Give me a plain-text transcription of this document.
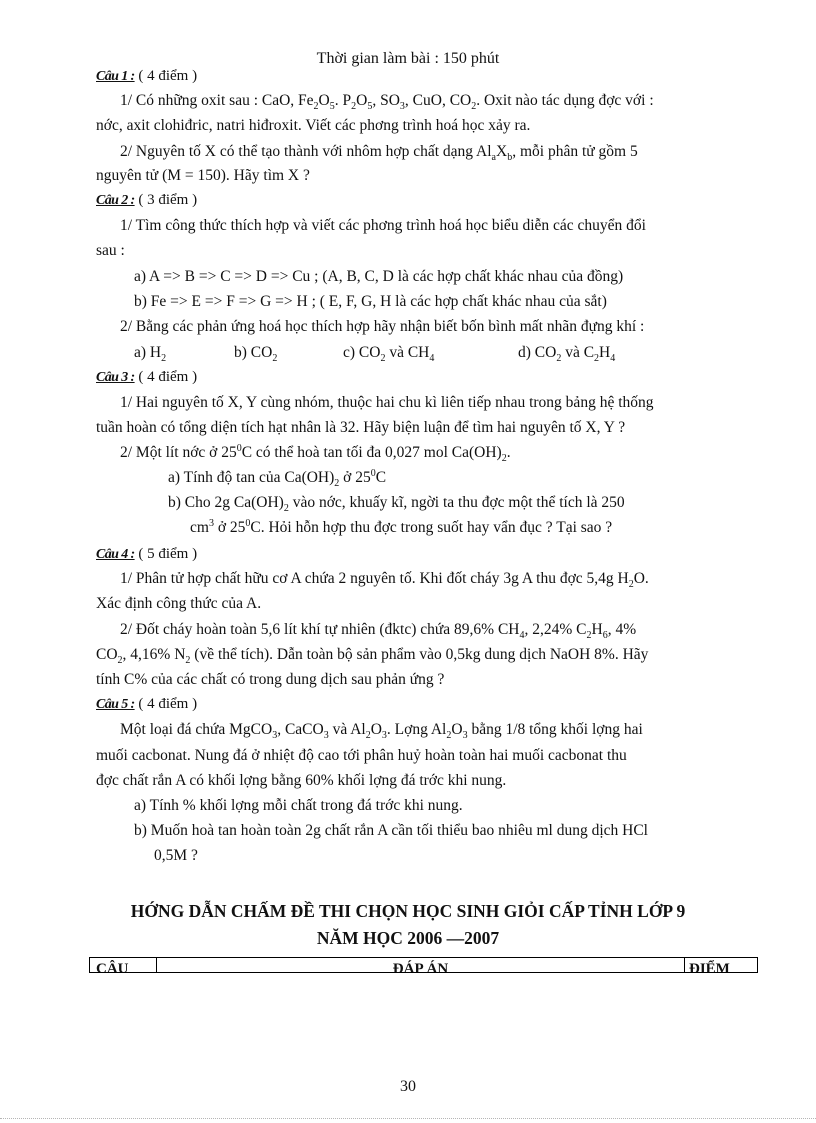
Thời gian làm bài : 150 phút
Câu 1 : ( 4 điểm )
1/ Có những oxit sau : CaO, $Fe_2O_5$. $P_2O_5$, $SO_3$, CuO, $CO_2$. Oxit nào tác dụng đợc với :
nớc, axit clohiđric, natri hiđroxit. Viết các phơng trình hoá học xảy ra.
2/ Nguyên tố X có thể tạo thành với nhôm hợp chất dạng $Al_aX_b$, mỗi phân tử gồm 5
nguyên tử (M = 150). Hãy tìm X ?
Câu 2 : ( 3 điểm )
1/ Tìm công thức thích hợp và viết các phơng trình hoá học biểu diễn các chuyển đổi
sau :
a) A => B => C => D => Cu ; (A, B, C, D là các hợp chất khác nhau của đồng)
b) Fe => E => F => G => H ; ( E, F, G, H là các hợp chất khác nhau của sắt)
2/ Bằng các phản ứng hoá học thích hợp hãy nhận biết bốn bình mất nhãn đựng khí :
a) $H_2$	b) $CO_2$	c) $CO_2$ và $CH_4$	d) $CO_2$ và $C_2H_4$
Câu 3 : ( 4 điểm )
1/ Hai nguyên tố X, Y cùng nhóm, thuộc hai chu kì liên tiếp nhau trong bảng hệ thống
tuần hoàn có tổng diện tích hạt nhân là 32. Hãy biện luận để tìm hai nguyên tố X, Y ?
2/ Một lít nớc ở $25^0C$ có thể hoà tan tối đa 0,027 mol $Ca(OH)_2$.
a) Tính độ tan của $Ca(OH)_2$ ở $25^0C$
b) Cho 2g $Ca(OH)_2$ vào nớc, khuấy kĩ, ngời ta thu đợc một thể tích là 250
$cm^3$ ở $25^0C$. Hỏi hỗn hợp thu đợc trong suốt hay vẩn đục ? Tại sao ?
Câu 4 : ( 5 điểm )
1/ Phân tử hợp chất hữu cơ A chứa 2 nguyên tố. Khi đốt cháy 3g A thu đợc 5,4g $H_2O$.
Xác định công thức của A.
2/ Đốt cháy hoàn toàn 5,6 lít khí tự nhiên (đktc) chứa 89,6% $CH_4$, 2,24% $C_2H_6$, 4%
$CO_2$, 4,16% $N_2$ (về thể tích). Dẫn toàn bộ sản phẩm vào 0,5kg dung dịch NaOH 8%. Hãy
tính C% của các chất có trong dung dịch sau phản ứng ?
Câu 5 : ( 4 điểm )
Một loại đá chứa MgCO$_3$, CaCO$_3$ và $Al_2O_3$. Lợng $Al_2O_3$ bằng 1/8 tổng khối lợng hai
muối cacbonat. Nung đá ở nhiệt độ cao tới phân huỷ hoàn toàn hai muối cacbonat thu
đợc chất rắn A có khối lợng bằng 60% khối lợng đá trớc khi nung.
a) Tính % khối lợng mỗi chất trong đá trớc khi nung.
b) Muốn hoà tan hoàn toàn 2g chất rắn A cần tối thiểu bao nhiêu ml dung dịch HCl
0,5M ?
HỚNG DẪN CHẤM ĐỀ THI CHỌN HỌC SINH GIỎI CẤP TỈNH LỚP 9
NĂM HỌC 2006 —2007
CÂU	ĐÁP ÁN	ĐIỂM
30
